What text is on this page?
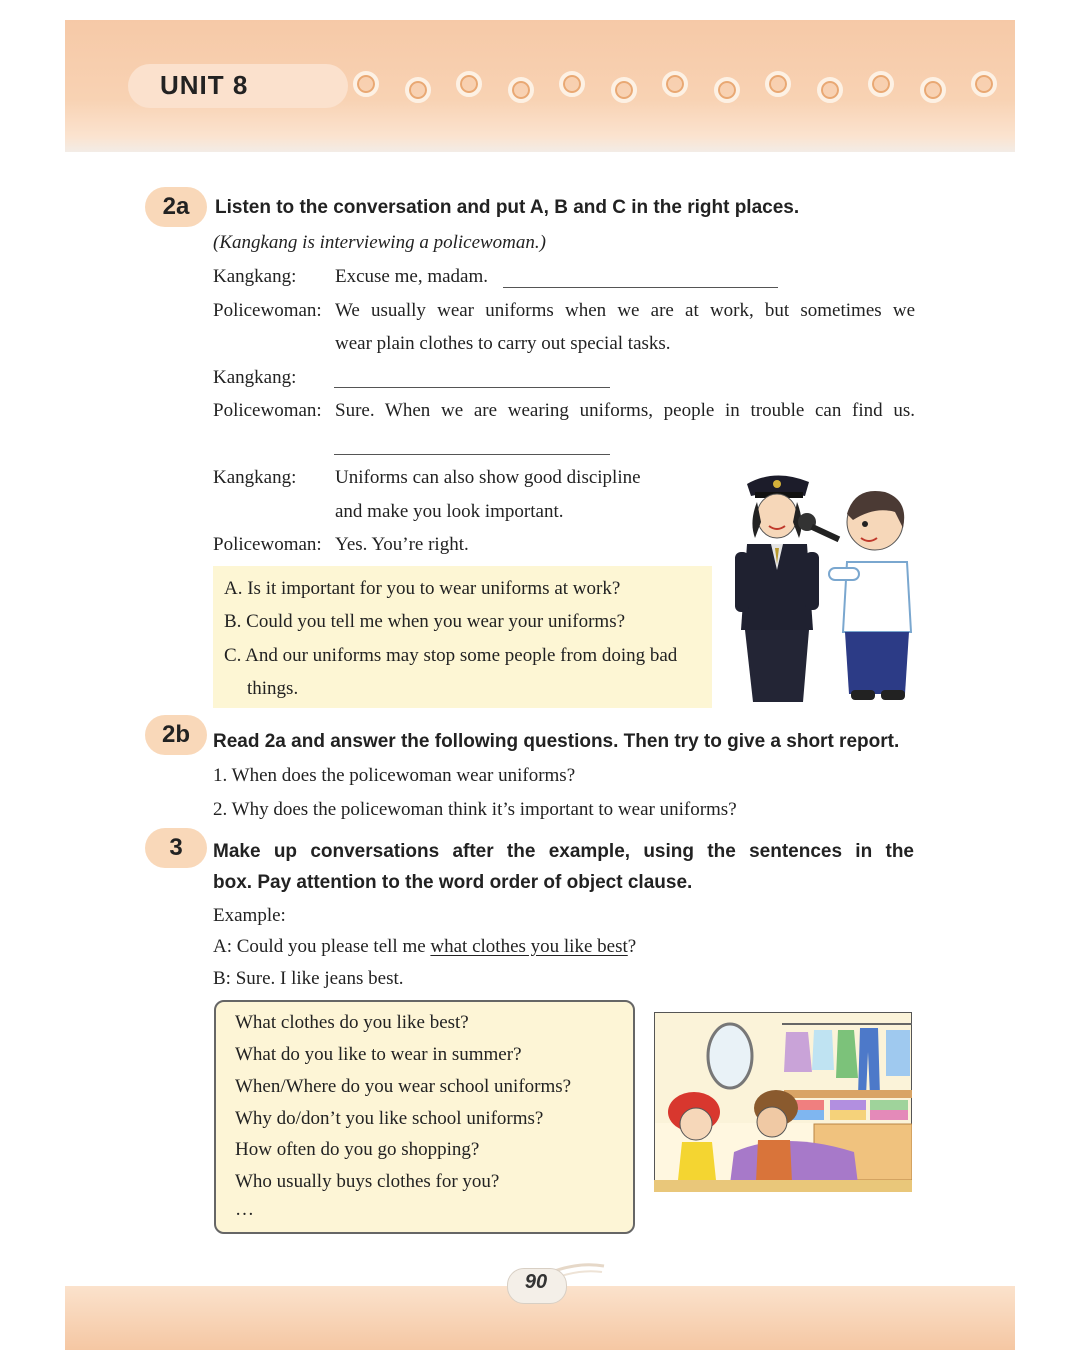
UNIT 8
2a	Listen to the conversation and put A, B and C in the right places.
(Kangkang is interviewing a policewoman.)
Kangkang: Excuse me, madam.
Policewoman: We usually wear uniforms when we are at work, but sometimes we
wear plain clothes to carry out special tasks.
Kangkang:
Policewoman: Sure. When we are wearing uniforms, people in trouble can find us.
Kangkang: Uniforms can also show good discipline
and make you look important.
Policewoman: Yes. You’re right.
A. Is it important for you to wear uniforms at work?
B. Could you tell me when you wear your uniforms?
C. And our uniforms may stop some people from doing bad
things.
2b	Read 2a and answer the following questions. Then try to give a short report.
1. When does the policewoman wear uniforms?
2. Why does the policewoman think it’s important to wear uniforms?
3	Make up conversations after the example, using the sentences in the
box. Pay attention to the word order of object clause.
Example:
A: Could you please tell me what clothes you like best?
B: Sure. I like jeans best.
What clothes do you like best?
What do you like to wear in summer?
When/Where do you wear school uniforms?
Why do/don’t you like school uniforms?
How often do you go shopping?
Who usually buys clothes for you?
…
90
